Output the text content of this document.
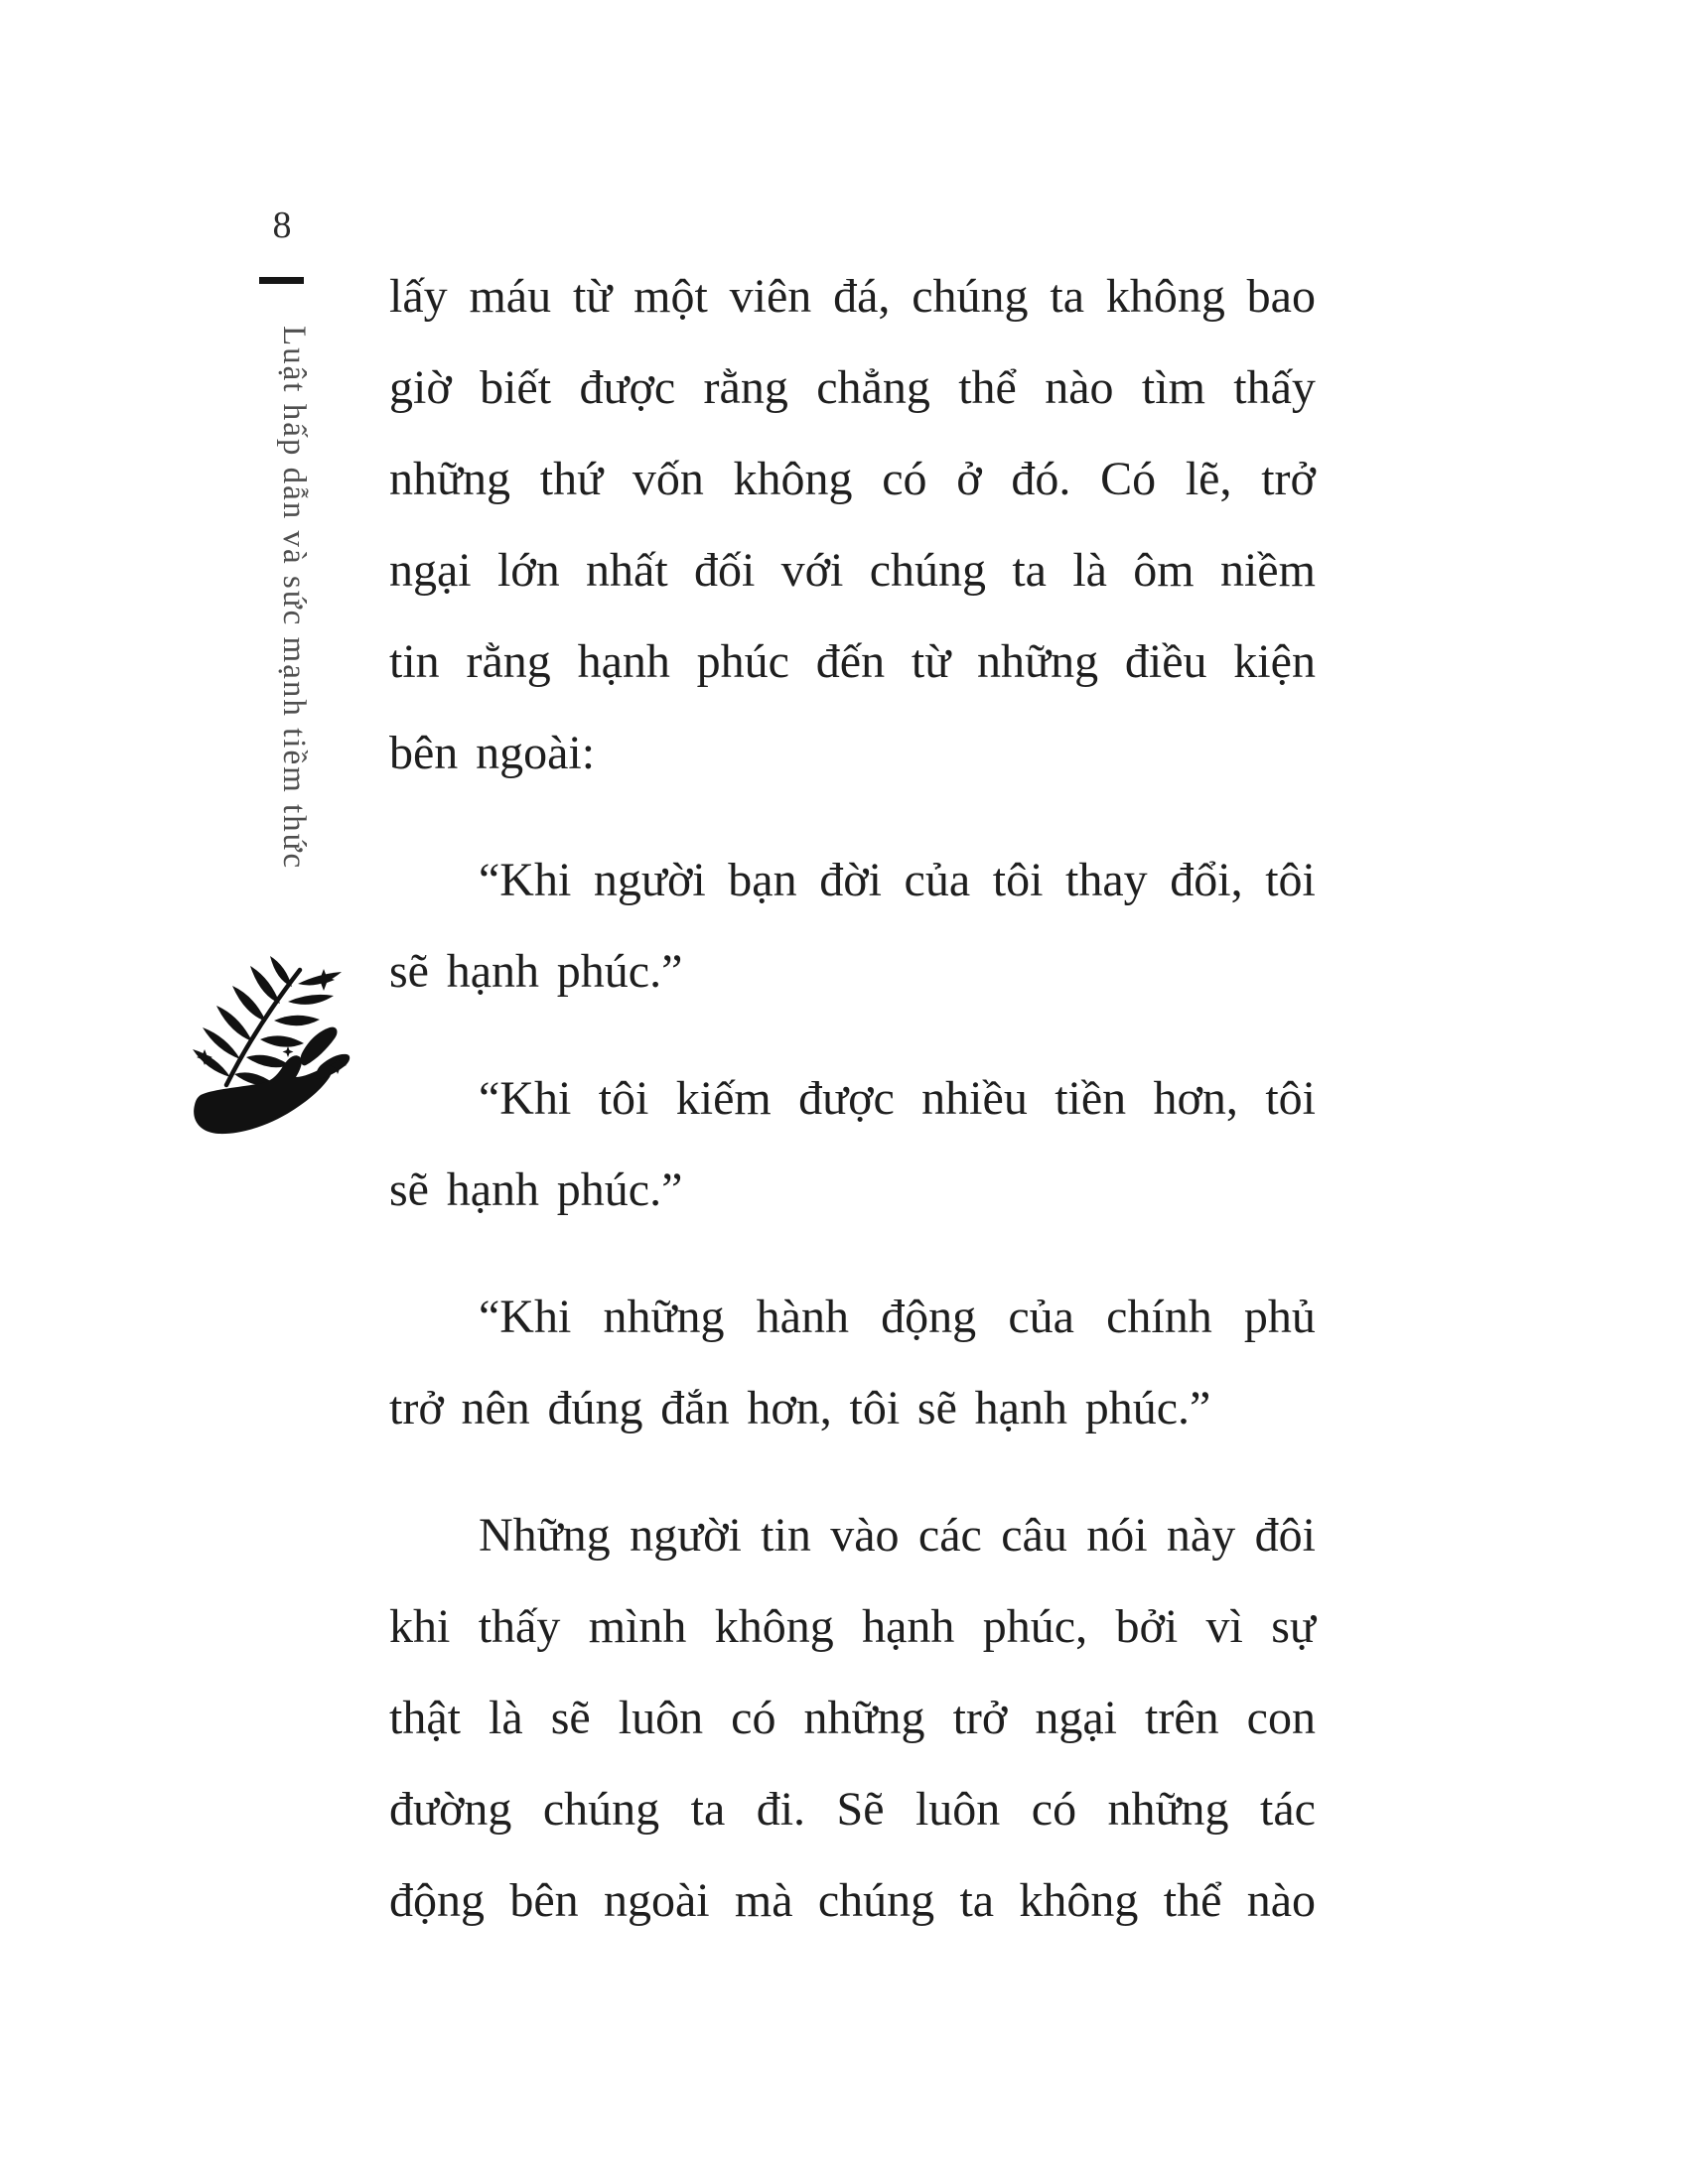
8
Luật hấp dẫn và sức mạnh tiềm thức
lấy máu từ một viên đá, chúng ta không bao
giờ biết được rằng chẳng thể nào tìm thấy
những thứ vốn không có ở đó. Có lẽ, trở
ngại lớn nhất đối với chúng ta là ôm niềm
tin rằng hạnh phúc đến từ những điều kiện
bên ngoài:
“Khi người bạn đời của tôi thay đổi, tôi
sẽ hạnh phúc.”
“Khi tôi kiếm được nhiều tiền hơn, tôi
sẽ hạnh phúc.”
“Khi những hành động của chính phủ
trở nên đúng đắn hơn, tôi sẽ hạnh phúc.”
Những người tin vào các câu nói này đôi
khi thấy mình không hạnh phúc, bởi vì sự
thật là sẽ luôn có những trở ngại trên con
đường chúng ta đi. Sẽ luôn có những tác
động bên ngoài mà chúng ta không thể nào
